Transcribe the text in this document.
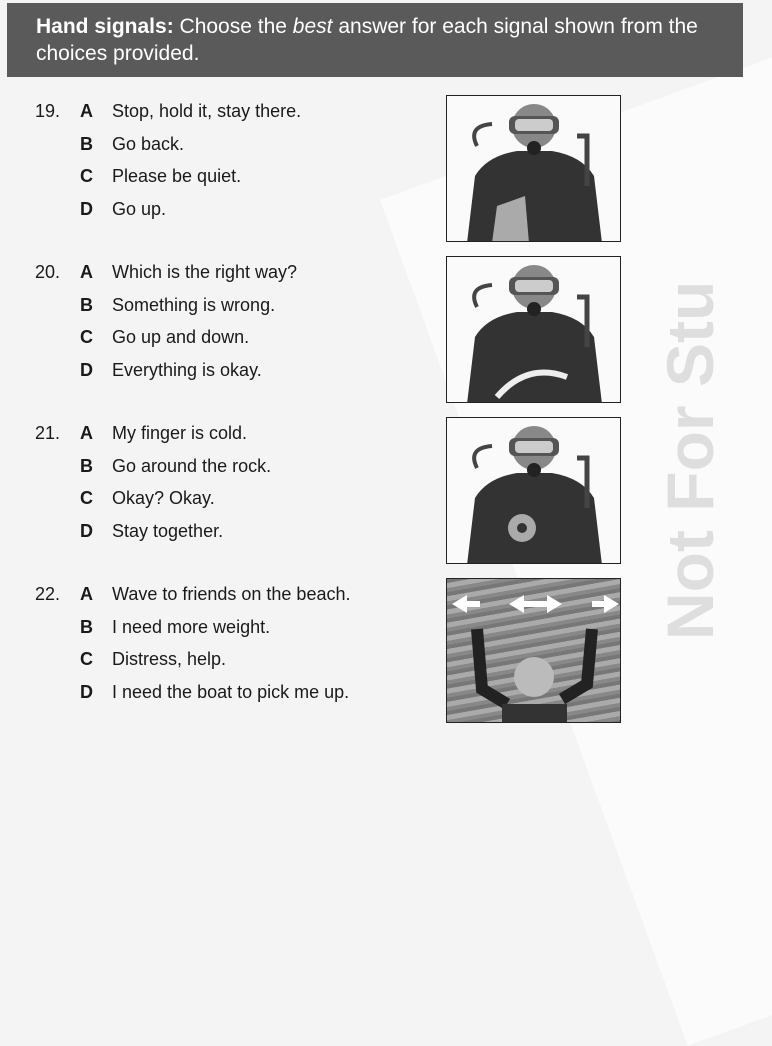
Not For Stu
Hand signals: Choose the best answer for each signal shown from the choices provided.
19. A Stop, hold it, stay there.
B Go back.
C Please be quiet.
D Go up.
20. A Which is the right way?
B Something is wrong.
C Go up and down.
D Everything is okay.
21. A My finger is cold.
B Go around the rock.
C Okay? Okay.
D Stay together.
22. A Wave to friends on the beach.
B I need more weight.
C Distress, help.
D I need the boat to pick me up.
